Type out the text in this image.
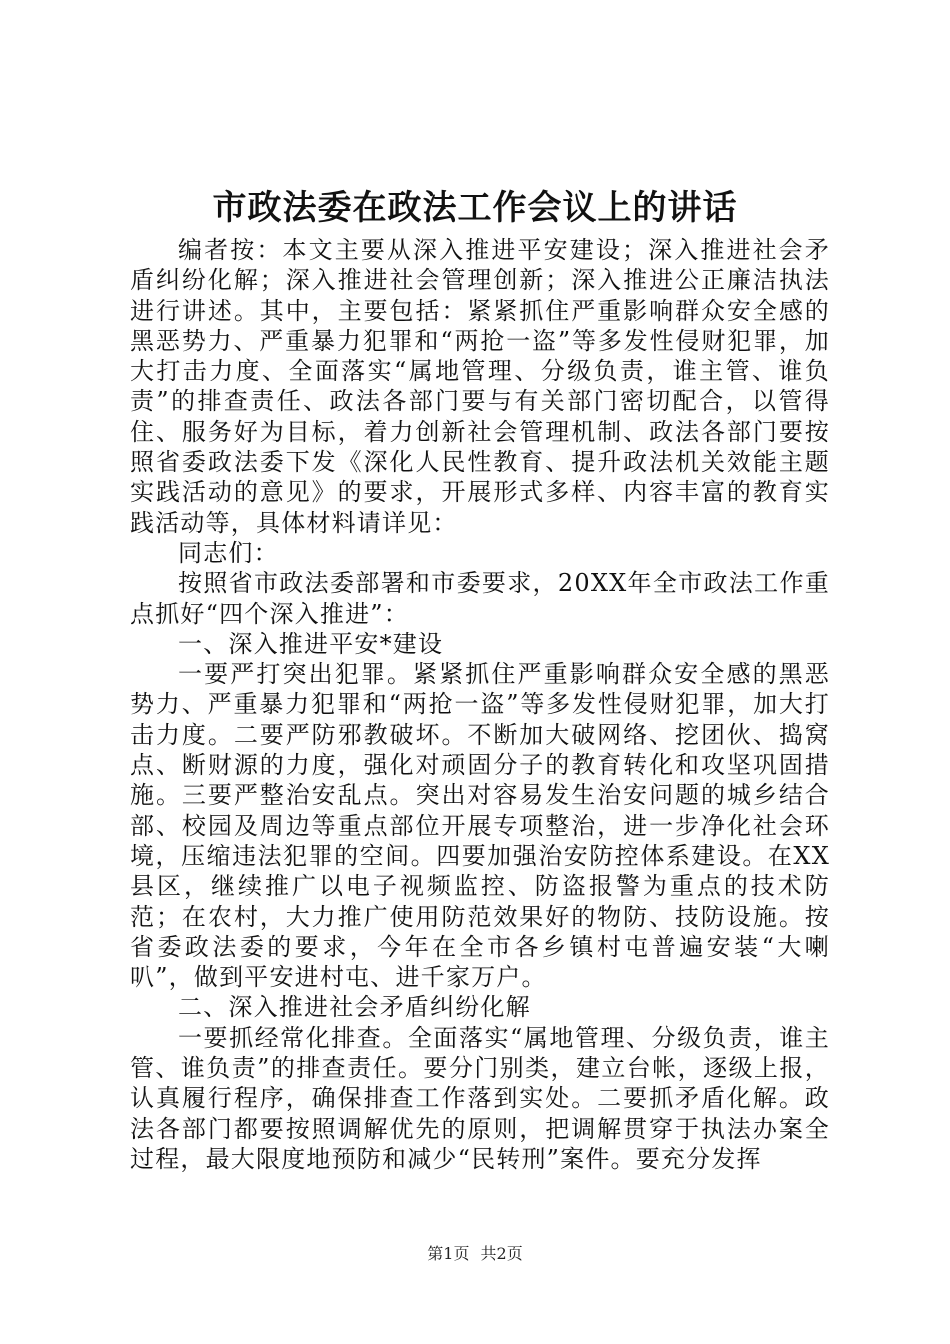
市政法委在政法工作会议上的讲话

编者按：本文主要从深入推进平安建设；深入推进社会矛盾纠纷化解；深入推进社会管理创新；深入推进公正廉洁执法进行讲述。其中，主要包括：紧紧抓住严重影响群众安全感的黑恶势力、严重暴力犯罪和“两抢一盗”等多发性侵财犯罪，加大打击力度、全面落实“属地管理、分级负责，谁主管、谁负责”的排查责任、政法各部门要与有关部门密切配合，以管得住、服务好为目标，着力创新社会管理机制、政法各部门要按照省委政法委下发《深化人民性教育、提升政法机关效能主题实践活动的意见》的要求，开展形式多样、内容丰富的教育实践活动等，具体材料请详见：

同志们：

按照省市政法委部署和市委要求，20XX年全市政法工作重点抓好“四个深入推进”：

一、深入推进平安*建设

一要严打突出犯罪。紧紧抓住严重影响群众安全感的黑恶势力、严重暴力犯罪和“两抢一盗”等多发性侵财犯罪，加大打击力度。二要严防邪教破坏。不断加大破网络、挖团伙、捣窝点、断财源的力度，强化对顽固分子的教育转化和攻坚巩固措施。三要严整治安乱点。突出对容易发生治安问题的城乡结合部、校园及周边等重点部位开展专项整治，进一步净化社会环境，压缩违法犯罪的空间。四要加强治安防控体系建设。在XX县区，继续推广以电子视频监控、防盗报警为重点的技术防范；在农村，大力推广使用防范效果好的物防、技防设施。按省委政法委的要求，今年在全市各乡镇村屯普遍安装“大喇叭”，做到平安进村屯、进千家万户。

二、深入推进社会矛盾纠纷化解

一要抓经常化排查。全面落实“属地管理、分级负责，谁主管、谁负责”的排查责任。要分门别类，建立台帐，逐级上报，认真履行程序，确保排查工作落到实处。二要抓矛盾化解。政法各部门都要按照调解优先的原则，把调解贯穿于执法办案全过程，最大限度地预防和减少“民转刑”案件。要充分发挥

第1页 共2页
